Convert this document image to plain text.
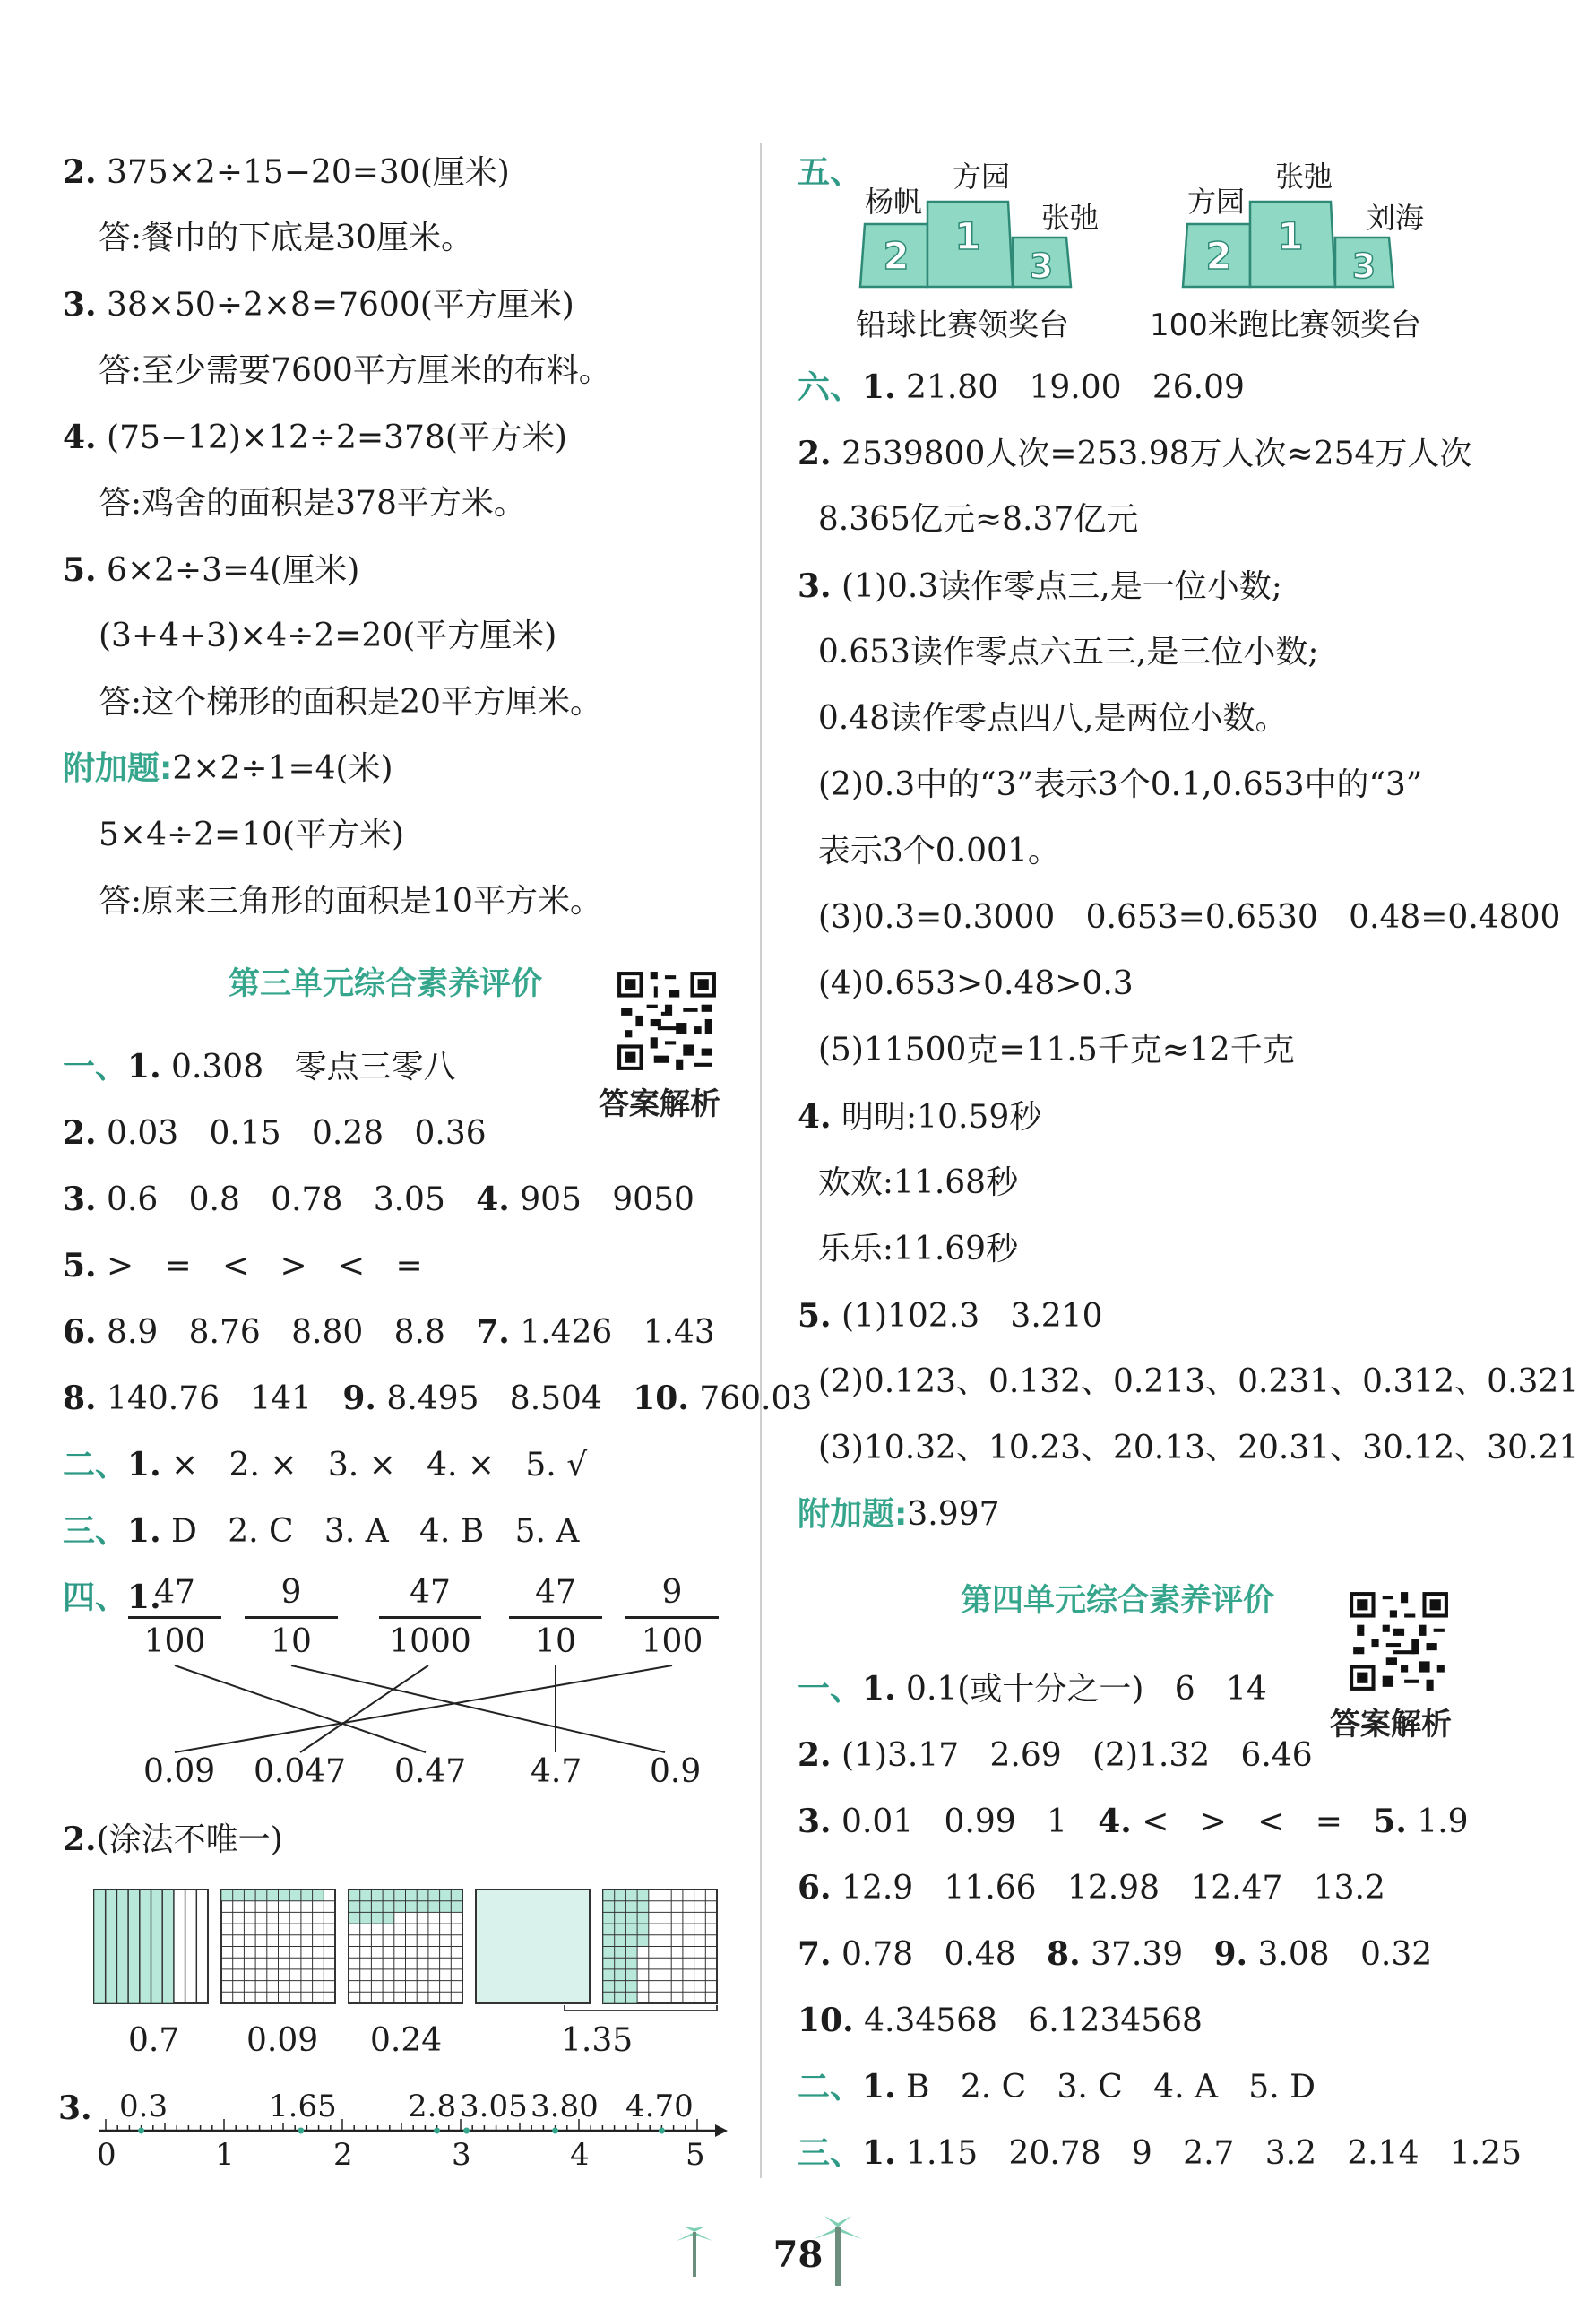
2. 375×2÷15−20=30(厘米)
答:餐巾的下底是30厘米。
3. 38×50÷2×8=7600(平方厘米)
答:至少需要7600平方厘米的布料。
4. (75−12)×12÷2=378(平方米)
答:鸡舍的面积是378平方米。
5. 6×2÷3=4(厘米)
(3+4+3)×4÷2=20(平方厘米)
答:这个梯形的面积是20平方厘米。
附加题:2×2÷1=4(米)
5×4÷2=10(平方米)
答:原来三角形的面积是10平方米。
第三单元综合素养评价
答案解析
一、1. 0.308   零点三零八
2. 0.03   0.15   0.28   0.36
3. 0.6   0.8   0.78   3.05   4. 905   9050
5. >   =   <   >   <   =
6. 8.9   8.76   8.80   8.8   7. 1.426   1.43
8. 140.76   141   9. 8.495   8.504   10. 760.03
二、1. ×   2. ×   3. ×   4. ×   5. √
三、1. D   2. C   3. A   4. B   5. A
四、1.
47
100
9
10
47
1000
47
10
9
100
0.09 0.047 0.47 4.7 0.9
2.(涂法不唯一)
0.7 0.09 0.24	1.35
3. 0.3	1.65 2.8 3.05 3.80 4.70
0	1	2	3	4	5
五、
2 1
3
杨帆
方园
张弛
铅球比赛领奖台
2 1
3
方园
张弛
刘海
100米跑比赛领奖台
六、1. 21.80   19.00   26.09
2. 2539800人次=253.98万人次≈254万人次
8.365亿元≈8.37亿元
3. (1)0.3读作零点三,是一位小数;
0.653读作零点六五三,是三位小数;
0.48读作零点四八,是两位小数。
(2)0.3中的“3”表示3个0.1,0.653中的“3”
表示3个0.001。
(3)0.3=0.3000   0.653=0.6530   0.48=0.4800
(4)0.653>0.48>0.3
(5)11500克=11.5千克≈12千克
4. 明明:10.59秒
欢欢:11.68秒
乐乐:11.69秒
5. (1)102.3   3.210
(2)0.123、0.132、0.213、0.231、0.312、0.321
(3)10.32、10.23、20.13、20.31、30.12、30.21
附加题:3.997
第四单元综合素养评价
答案解析
一、1. 0.1(或十分之一)   6   14
2. (1)3.17   2.69   (2)1.32   6.46
3. 0.01   0.99   1   4. <   >   <   =   5. 1.9
6. 12.9   11.66   12.98   12.47   13.2
7. 0.78   0.48   8. 37.39   9. 3.08   0.32
10. 4.34568   6.1234568
二、1. B   2. C   3. C   4. A   5. D
三、1. 1.15   20.78   9   2.7   3.2   2.14   1.25
78
